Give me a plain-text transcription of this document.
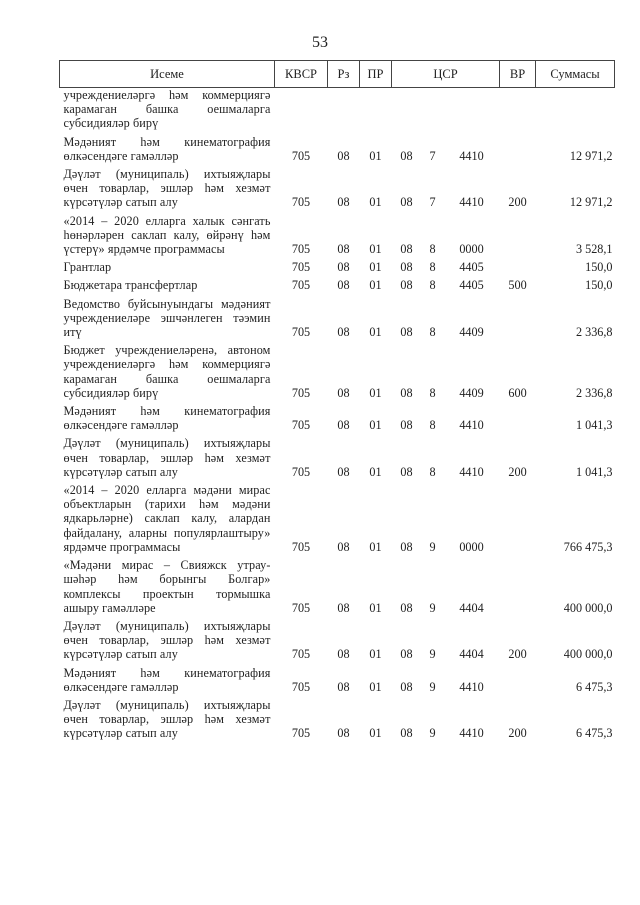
53
Исеме	КВСР	Рз	ПР	ЦСР			ВР	Суммасы
учреждениеләргә һәм коммерциягә карамаган башка оешмаларга субсидияләр бирү								
Мәдәният һәм кинематография өлкәсендәге гамәлләр	705	08	01	08	7	4410		12 971,2
Дәүләт (муниципаль) ихтыяҗлары өчен товарлар, эшләр һәм хезмәт күрсәтүләр сатып алу	705	08	01	08	7	4410	200	12 971,2
«2014 – 2020 елларга халык сәнгать һөнәрләрен саклап калу, өйрәнү һәм үстерү» ярдәмче программасы	705	08	01	08	8	0000		3 528,1
Грантлар	705	08	01	08	8	4405		150,0
Бюджетара трансфертлар	705	08	01	08	8	4405	500	150,0
Ведомство буйсынуындагы мәдәният учреждениеләре эшчәнлеген тәэмин итү	705	08	01	08	8	4409		2 336,8
Бюджет учреждениеләренә, автоном учреждениеләргә һәм коммерциягә карамаган башка оешмаларга субсидияләр бирү	705	08	01	08	8	4409	600	2 336,8
Мәдәният һәм кинематография өлкәсендәге гамәлләр	705	08	01	08	8	4410		1 041,3
Дәүләт (муниципаль) ихтыяҗлары өчен товарлар, эшләр һәм хезмәт күрсәтүләр сатып алу	705	08	01	08	8	4410	200	1 041,3
«2014 – 2020 елларга мәдәни мирас объектларын (тарихи һәм мәдәни ядкарьләрне) саклап калу, алардан файдалану, аларны популярлаштыру» ярдәмче программасы	705	08	01	08	9	0000		766 475,3
«Мәдәни мирас – Свияжск утрау-шәһәр һәм борынгы Болгар» комплексы проектын тормышка ашыру гамәлләре	705	08	01	08	9	4404		400 000,0
Дәүләт (муниципаль) ихтыяҗлары өчен товарлар, эшләр һәм хезмәт күрсәтүләр сатып алу	705	08	01	08	9	4404	200	400 000,0
Мәдәният һәм кинематография өлкәсендәге гамәлләр	705	08	01	08	9	4410		6 475,3
Дәүләт (муниципаль) ихтыяҗлары өчен товарлар, эшләр һәм хезмәт күрсәтүләр сатып алу	705	08	01	08	9	4410	200	6 475,3
